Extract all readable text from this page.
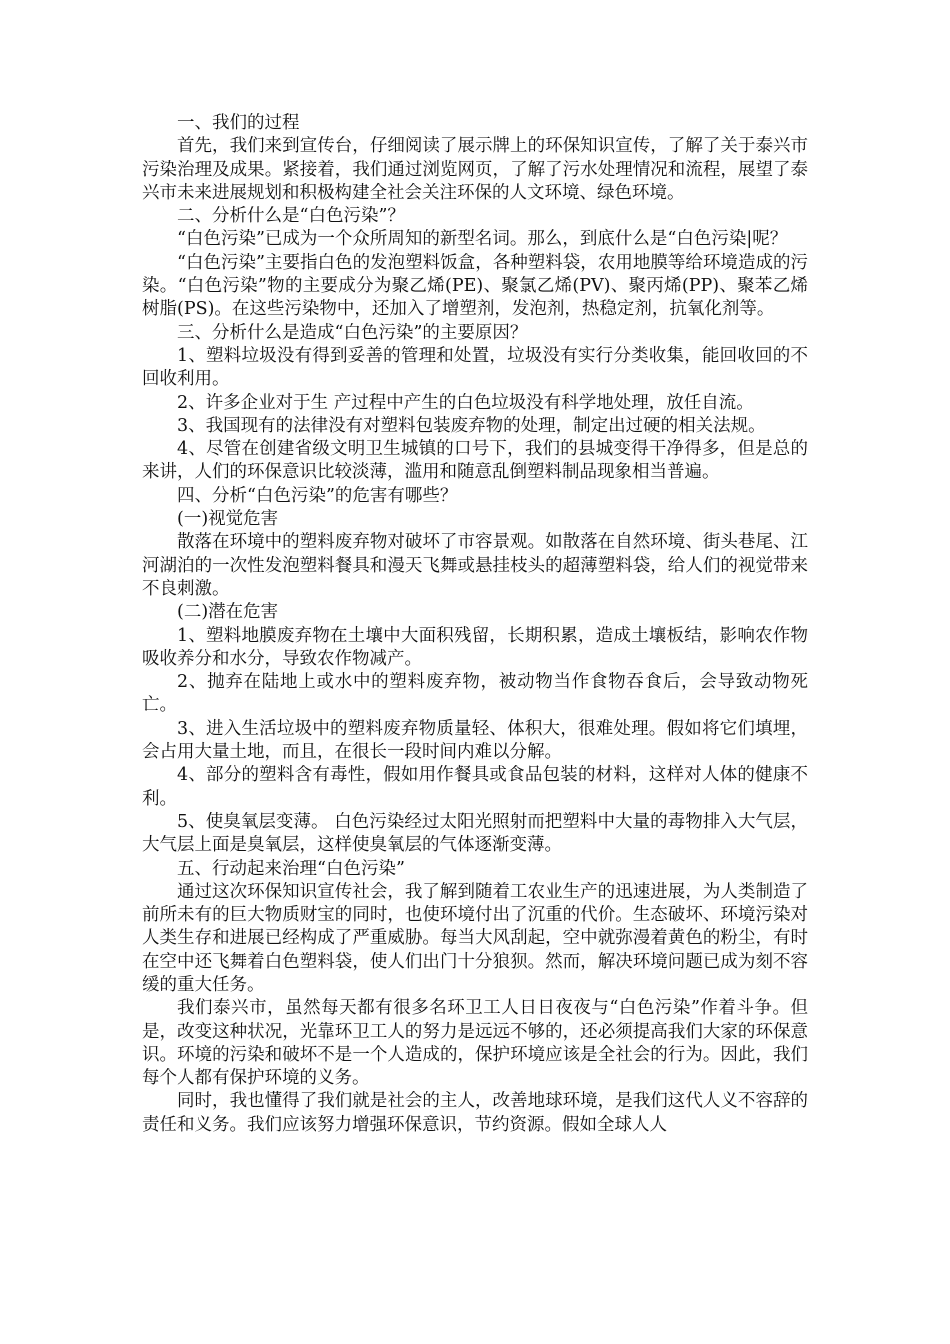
一、我们的过程

首先，我们来到宣传台，仔细阅读了展示牌上的环保知识宣传，了解了关于泰兴市污染治理及成果。紧接着，我们通过浏览网页，了解了污水处理情况和流程，展望了泰兴市未来进展规划和积极构建全社会关注环保的人文环境、绿色环境。

二、分析什么是“白色污染”？

“白色污染”已成为一个众所周知的新型名词。那么，到底什么是“白色污染|呢？

“白色污染”主要指白色的发泡塑料饭盒，各种塑料袋，农用地膜等给环境造成的污染。“白色污染”物的主要成分为聚乙烯(PE)、聚氯乙烯(PV)、聚丙烯(PP)、聚苯乙烯树脂(PS)。在这些污染物中，还加入了增塑剂，发泡剂，热稳定剂，抗氧化剂等。

三、分析什么是造成“白色污染”的主要原因？

1、塑料垃圾没有得到妥善的管理和处置，垃圾没有实行分类收集，能回收回的不回收利用。

2、许多企业对于生 产过程中产生的白色垃圾没有科学地处理，放任自流。

3、我国现有的法律没有对塑料包装废弃物的处理，制定出过硬的相关法规。

4、尽管在创建省级文明卫生城镇的口号下，我们的县城变得干净得多，但是总的来讲，人们的环保意识比较淡薄，滥用和随意乱倒塑料制品现象相当普遍。

四、分析“白色污染”的危害有哪些？

(一)视觉危害

散落在环境中的塑料废弃物对破坏了市容景观。如散落在自然环境、街头巷尾、江河湖泊的一次性发泡塑料餐具和漫天飞舞或悬挂枝头的超薄塑料袋，给人们的视觉带来不良刺激。

(二)潜在危害

1、塑料地膜废弃物在土壤中大面积残留，长期积累，造成土壤板结，影响农作物吸收养分和水分，导致农作物减产。

2、抛弃在陆地上或水中的塑料废弃物，被动物当作食物吞食后，会导致动物死亡。

3、进入生活垃圾中的塑料废弃物质量轻、体积大，很难处理。假如将它们填埋，会占用大量土地，而且，在很长一段时间内难以分解。

4、部分的塑料含有毒性，假如用作餐具或食品包装的材料，这样对人体的健康不利。

5、使臭氧层变薄。 白色污染经过太阳光照射而把塑料中大量的毒物排入大气层，大气层上面是臭氧层，这样使臭氧层的气体逐渐变薄。

五、行动起来治理“白色污染”

通过这次环保知识宣传社会，我了解到随着工农业生产的迅速进展，为人类制造了前所未有的巨大物质财宝的同时，也使环境付出了沉重的代价。生态破坏、环境污染对人类生存和进展已经构成了严重威胁。每当大风刮起，空中就弥漫着黄色的粉尘，有时在空中还飞舞着白色塑料袋，使人们出门十分狼狈。然而，解决环境问题已成为刻不容缓的重大任务。

我们泰兴市，虽然每天都有很多名环卫工人日日夜夜与“白色污染”作着斗争。但是，改变这种状况，光靠环卫工人的努力是远远不够的，还必须提高我们大家的环保意识。环境的污染和破坏不是一个人造成的，保护环境应该是全社会的行为。因此，我们每个人都有保护环境的义务。

同时，我也懂得了我们就是社会的主人，改善地球环境，是我们这代人义不容辞的责任和义务。我们应该努力增强环保意识，节约资源。假如全球人人
